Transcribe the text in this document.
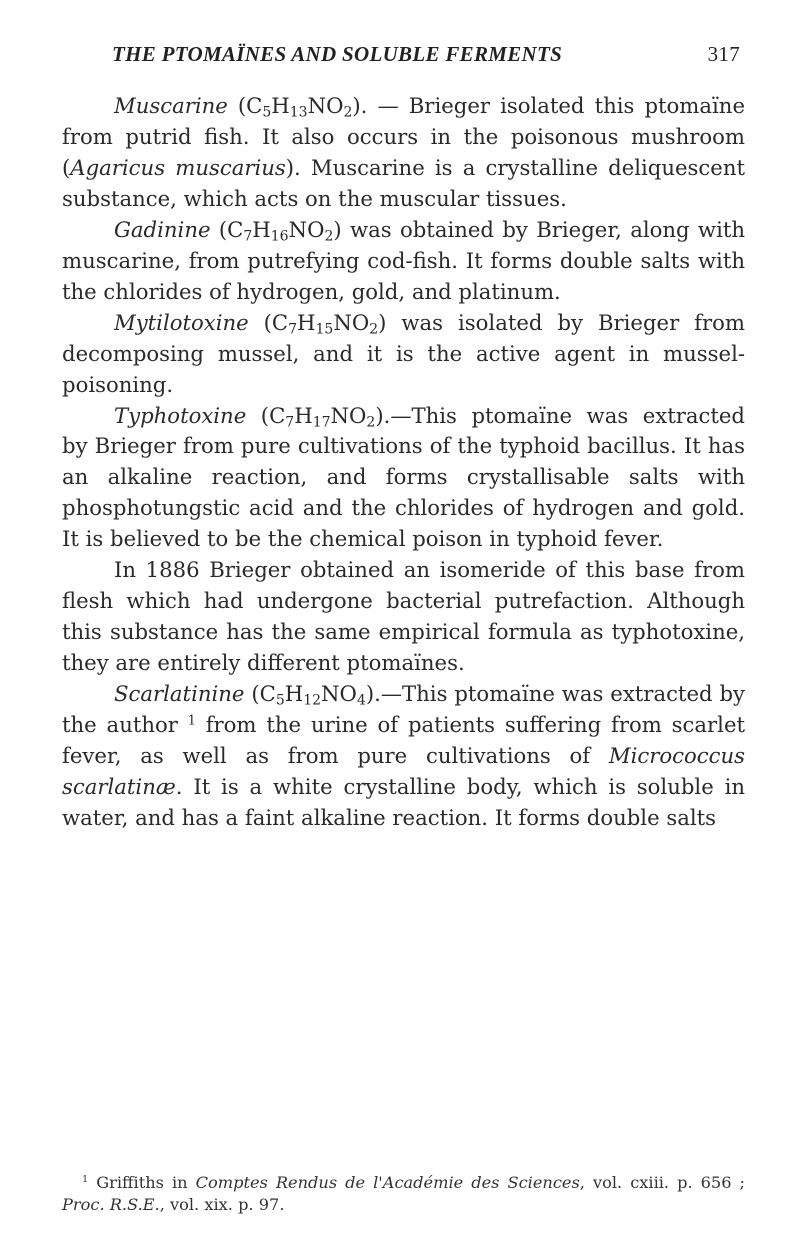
THE PTOMAÏNES AND SOLUBLE FERMENTS	317

Muscarine $(C_5H_{13}NO_2)$. — Brieger isolated this ptomaïne from putrid fish. It also occurs in the poisonous mushroom (Agaricus muscarius). Muscarine is a crystalline deliquescent substance, which acts on the muscular tissues.

Gadinine $(C_7H_{16}NO_2)$ was obtained by Brieger, along with muscarine, from putrefying cod-fish. It forms double salts with the chlorides of hydrogen, gold, and platinum.

Mytilotoxine $(C_7H_{15}NO_2)$ was isolated by Brieger from decomposing mussel, and it is the active agent in mussel-poisoning.

Typhotoxine $(C_7H_{17}NO_2).—This$ ptomaïne was extracted by Brieger from pure cultivations of the typhoid bacillus. It has an alkaline reaction, and forms crystallisable salts with phosphotungstic acid and the chlorides of hydrogen and gold. It is believed to be the chemical poison in typhoid fever.

In 1886 Brieger obtained an isomeride of this base from flesh which had undergone bacterial putrefaction. Although this substance has the same empirical formula as typhotoxine, they are entirely different ptomaïnes.

Scarlatinine $(C_5H_{12}NO_4).—This$ ptomaïne was extracted by the author $^1$ from the urine of patients suffering from scarlet fever, as well as from pure cultivations of Micrococcus scarlatinæ. It is a white crystalline body, which is soluble in water, and has a faint alkaline reaction. It forms double salts

$^1$ Griffiths in Comptes Rendus de l'Académie des Sciences, vol. cxiii. p. 656 ; Proc. R.S.E., vol. xix. p. 97.
